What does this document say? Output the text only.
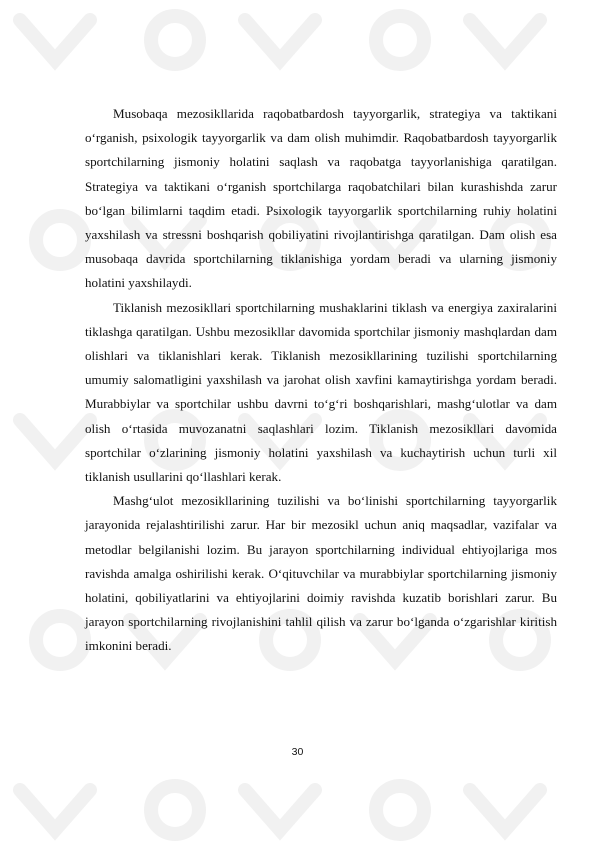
Musobaqa mezosikllarida raqobatbardosh tayyorgarlik, strategiya va taktikani o‘rganish, psixologik tayyorgarlik va dam olish muhimdir. Raqobatbardosh tayyorgarlik sportchilarning jismoniy holatini saqlash va raqobatga tayyorlanishiga qaratilgan. Strategiya va taktikani o‘rganish sportchilarga raqobatchilari bilan kurashishda zarur bo‘lgan bilimlarni taqdim etadi. Psixologik tayyorgarlik sportchilarning ruhiy holatini yaxshilash va stressni boshqarish qobiliyatini rivojlantirishga qaratilgan. Dam olish esa musobaqa davrida sportchilarning tiklanishiga yordam beradi va ularning jismoniy holatini yaxshilaydi.

Tiklanish mezosikllari sportchilarning mushaklarini tiklash va energiya zaxiralarini tiklashga qaratilgan. Ushbu mezosikllar davomida sportchilar jismoniy mashqlardan dam olishlari va tiklanishlari kerak. Tiklanish mezosikllarining tuzilishi sportchilarning umumiy salomatligini yaxshilash va jarohat olish xavfini kamaytirishga yordam beradi. Murabbiylar va sportchilar ushbu davrni to‘g‘ri boshqarishlari, mashg‘ulotlar va dam olish o‘rtasida muvozanatni saqlashlari lozim. Tiklanish mezosikllari davomida sportchilar o‘zlarining jismoniy holatini yaxshilash va kuchaytirish uchun turli xil tiklanish usullarini qo‘llashlari kerak.

Mashg‘ulot mezosikllarining tuzilishi va bo‘linishi sportchilarning tayyorgarlik jarayonida rejalashtirilishi zarur. Har bir mezosikl uchun aniq maqsadlar, vazifalar va metodlar belgilanishi lozim. Bu jarayon sportchilarning individual ehtiyojlariga mos ravishda amalga oshirilishi kerak. O‘qituvchilar va murabbiylar sportchilarning jismoniy holatini, qobiliyatlarini va ehtiyojlarini doimiy ravishda kuzatib borishlari zarur. Bu jarayon sportchilarning rivojlanishini tahlil qilish va zarur bo‘lganda o‘zgarishlar kiritish imkonini beradi.

30
